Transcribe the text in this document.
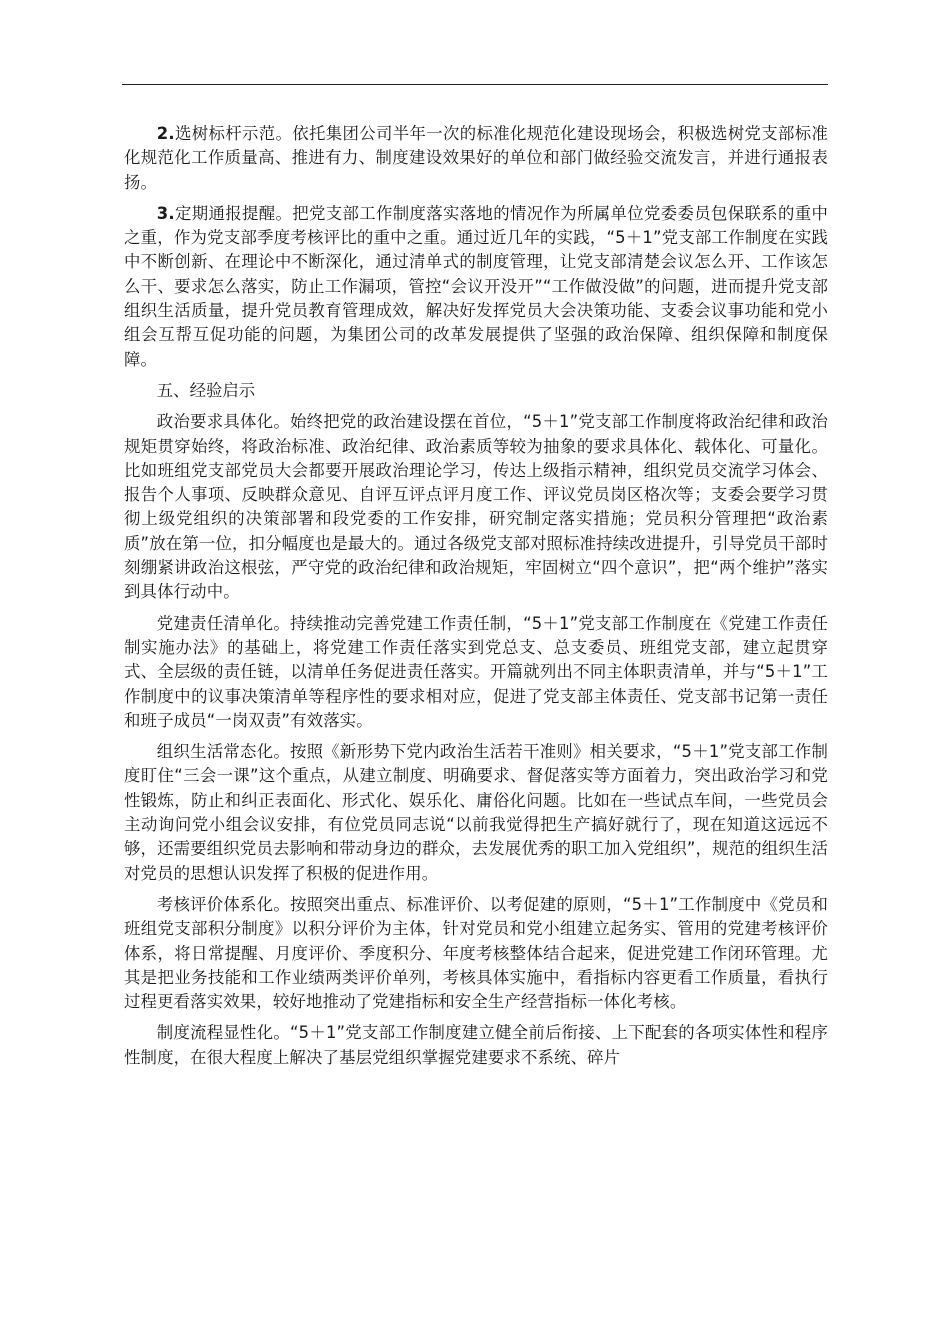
2.选树标杆示范。依托集团公司半年一次的标准化规范化建设现场会，积极选树党支部标准化规范化工作质量高、推进有力、制度建设效果好的单位和部门做经验交流发言，并进行通报表扬。

3.定期通报提醒。把党支部工作制度落实落地的情况作为所属单位党委委员包保联系的重中之重，作为党支部季度考核评比的重中之重。通过近几年的实践，“5＋1”党支部工作制度在实践中不断创新、在理论中不断深化，通过清单式的制度管理，让党支部清楚会议怎么开、工作该怎么干、要求怎么落实，防止工作漏项，管控“会议开没开”“工作做没做”的问题，进而提升党支部组织生活质量，提升党员教育管理成效，解决好发挥党员大会决策功能、支委会议事功能和党小组会互帮互促功能的问题，为集团公司的改革发展提供了坚强的政治保障、组织保障和制度保障。

五、经验启示

政治要求具体化。始终把党的政治建设摆在首位，“5＋1”党支部工作制度将政治纪律和政治规矩贯穿始终，将政治标准、政治纪律、政治素质等较为抽象的要求具体化、载体化、可量化。比如班组党支部党员大会都要开展政治理论学习，传达上级指示精神，组织党员交流学习体会、报告个人事项、反映群众意见、自评互评点评月度工作、评议党员岗区格次等；支委会要学习贯彻上级党组织的决策部署和段党委的工作安排，研究制定落实措施；党员积分管理把“政治素质”放在第一位，扣分幅度也是最大的。通过各级党支部对照标准持续改进提升，引导党员干部时刻绷紧讲政治这根弦，严守党的政治纪律和政治规矩，牢固树立“四个意识”，把“两个维护”落实到具体行动中。

党建责任清单化。持续推动完善党建工作责任制，“5＋1”党支部工作制度在《党建工作责任制实施办法》的基础上，将党建工作责任落实到党总支、总支委员、班组党支部，建立起贯穿式、全层级的责任链，以清单任务促进责任落实。开篇就列出不同主体职责清单，并与“5＋1”工作制度中的议事决策清单等程序性的要求相对应，促进了党支部主体责任、党支部书记第一责任和班子成员“一岗双责”有效落实。

组织生活常态化。按照《新形势下党内政治生活若干准则》相关要求，“5＋1”党支部工作制度盯住“三会一课”这个重点，从建立制度、明确要求、督促落实等方面着力，突出政治学习和党性锻炼，防止和纠正表面化、形式化、娱乐化、庸俗化问题。比如在一些试点车间，一些党员会主动询问党小组会议安排，有位党员同志说“以前我觉得把生产搞好就行了，现在知道这远远不够，还需要组织党员去影响和带动身边的群众，去发展优秀的职工加入党组织”，规范的组织生活对党员的思想认识发挥了积极的促进作用。

考核评价体系化。按照突出重点、标准评价、以考促建的原则，“5＋1”工作制度中《党员和班组党支部积分制度》以积分评价为主体，针对党员和党小组建立起务实、管用的党建考核评价体系，将日常提醒、月度评价、季度积分、年度考核整体结合起来，促进党建工作闭环管理。尤其是把业务技能和工作业绩两类评价单列，考核具体实施中，看指标内容更看工作质量，看执行过程更看落实效果，较好地推动了党建指标和安全生产经营指标一体化考核。

制度流程显性化。“5＋1”党支部工作制度建立健全前后衔接、上下配套的各项实体性和程序性制度，在很大程度上解决了基层党组织掌握党建要求不系统、碎片
